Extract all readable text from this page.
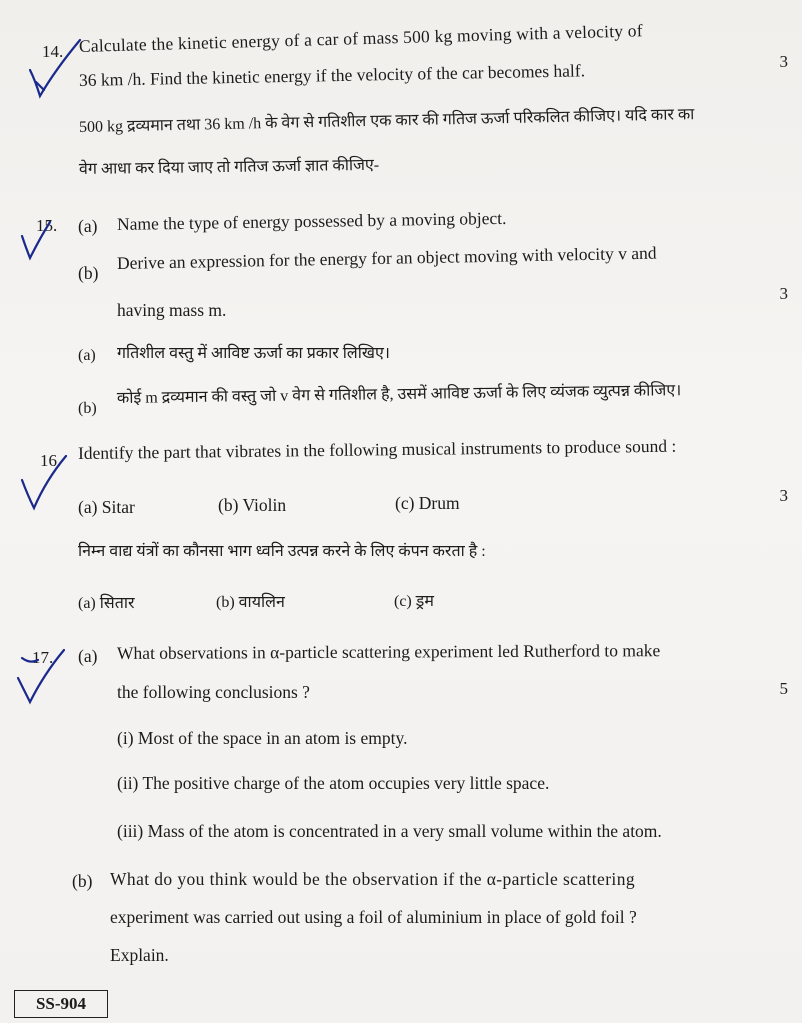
14. Calculate the kinetic energy of a car of mass 500 kg moving with a velocity of
36 km /h. Find the kinetic energy if the velocity of the car becomes half.	3
500 kg द्रव्यमान तथा 36 km /h के वेग से गतिशील एक कार की गतिज ऊर्जा परिकलित कीजिए। यदि कार का
वेग आधा कर दिया जाए तो गतिज ऊर्जा ज्ञात कीजिए-
15. (a) Name the type of energy possessed by a moving object.
(b)
Derive an expression for the energy for an object moving with velocity v and
having mass m.
3
(a) गतिशील वस्तु में आविष्ट ऊर्जा का प्रकार लिखिए।
(b)
कोई m द्रव्यमान की वस्तु जो v वेग से गतिशील है, उसमें आविष्ट ऊर्जा के लिए व्यंजक व्युत्पन्न कीजिए।
16. Identify the part that vibrates in the following musical instruments to produce sound :
3
(a) Sitar	(b) Violin	(c) Drum
निम्न वाद्य यंत्रों का कौनसा भाग ध्वनि उत्पन्न करने के लिए कंपन करता है :
(a) सितार	(b) वायलिन	(c) ड्रम
17. (a) What observations in α-particle scattering experiment led Rutherford to make
the following conclusions ?	5
(i) Most of the space in an atom is empty.
(ii) The positive charge of the atom occupies very little space.
(iii) Mass of the atom is concentrated in a very small volume within the atom.
(b) What do you think would be the observation if the α-particle scattering
experiment was carried out using a foil of aluminium in place of gold foil ?
Explain.
SS-904
